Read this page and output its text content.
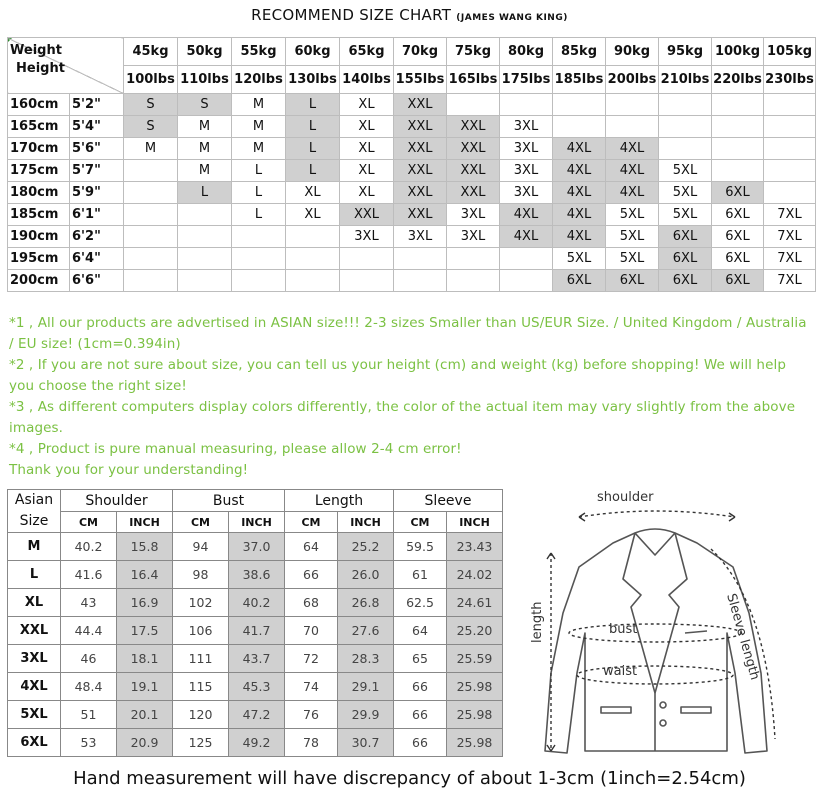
RECOMMEND SIZE CHART (JAMES WANG KING)
Weight
Height		45kg	50kg	55kg	60kg	65kg	70kg	75kg	80kg	85kg	90kg	95kg	100kg	105kg
		100lbs	110lbs	120lbs	130lbs	140lbs	155lbs	165lbs	175lbs	185lbs	200lbs	210lbs	220lbs	230lbs
160cm	5'2"	S	S	M	L	XL	XXL							
165cm	5'4"	S	M	M	L	XL	XXL	XXL	3XL					
170cm	5'6"	M	M	M	L	XL	XXL	XXL	3XL	4XL	4XL			
175cm	5'7"		M	L	L	XL	XXL	XXL	3XL	4XL	4XL	5XL		
180cm	5'9"		L	L	XL	XL	XXL	XXL	3XL	4XL	4XL	5XL	6XL	
185cm	6'1"			L	XL	XXL	XXL	3XL	4XL	4XL	5XL	5XL	6XL	7XL
190cm	6'2"					3XL	3XL	3XL	4XL	4XL	5XL	6XL	6XL	7XL
195cm	6'4"									5XL	5XL	6XL	6XL	7XL
200cm	6'6"									6XL	6XL	6XL	6XL	7XL

*1 , All our products are advertised in ASIAN size!!! 2-3 sizes Smaller than US/EUR Size. / United Kingdom / Australia / EU size! (1cm=0.394in)

*2 , If you are not sure about size, you can tell us your height (cm) and weight (kg) before shopping! We will help you choose the right size!

*3 , As different computers display colors differently, the color of the actual item may vary slightly from the above images.

*4 , Product is pure manual measuring, please allow 2-4 cm error!

Thank you for your understanding!

Asian
Size	Shoulder		Bust		Length		Sleeve	
	CM	INCH	CM	INCH	CM	INCH	CM	INCH
M	40.2	15.8	94	37.0	64	25.2	59.5	23.43
L	41.6	16.4	98	38.6	66	26.0	61	24.02
XL	43	16.9	102	40.2	68	26.8	62.5	24.61
XXL	44.4	17.5	106	41.7	70	27.6	64	25.20
3XL	46	18.1	111	43.7	72	28.3	65	25.59
4XL	48.4	19.1	115	45.3	74	29.1	66	25.98
5XL	51	20.1	120	47.2	76	29.9	66	25.98
6XL	53	20.9	125	49.2	78	30.7	66	25.98
shoulder
length	bust
waist	Sleeve length
Hand measurement will have discrepancy of about 1-3cm (1inch=2.54cm)
